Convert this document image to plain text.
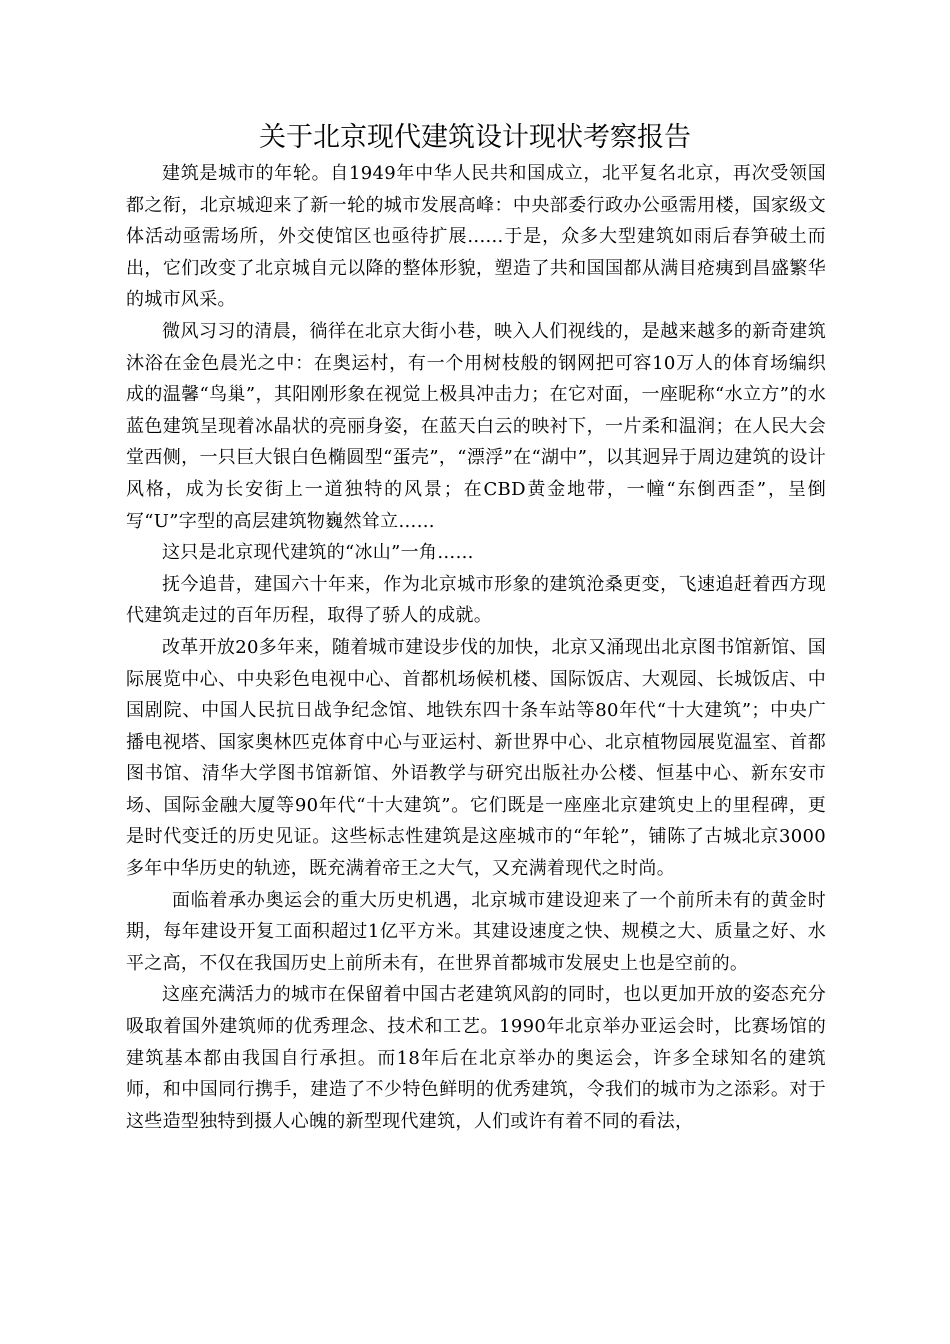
关于北京现代建筑设计现状考察报告

建筑是城市的年轮。自1949年中华人民共和国成立，北平复名北京，再次受领国都之衔，北京城迎来了新一轮的城市发展高峰：中央部委行政办公亟需用楼，国家级文体活动亟需场所，外交使馆区也亟待扩展......于是，众多大型建筑如雨后春笋破土而出，它们改变了北京城自元以降的整体形貌，塑造了共和国国都从满目疮痍到昌盛繁华的城市风采。

微风习习的清晨，徜徉在北京大街小巷，映入人们视线的，是越来越多的新奇建筑沐浴在金色晨光之中：在奥运村，有一个用树枝般的钢网把可容10万人的体育场编织成的温馨“鸟巢”，其阳刚形象在视觉上极具冲击力；在它对面，一座昵称“水立方”的水蓝色建筑呈现着冰晶状的亮丽身姿，在蓝天白云的映衬下，一片柔和温润；在人民大会堂西侧，一只巨大银白色椭圆型“蛋壳”，“漂浮”在“湖中”，以其迥异于周边建筑的设计风格，成为长安街上一道独特的风景；在CBD黄金地带，一幢“东倒西歪”，呈倒写“U”字型的高层建筑物巍然耸立……

这只是北京现代建筑的“冰山”一角……

抚今追昔，建国六十年来，作为北京城市形象的建筑沧桑更变，飞速追赶着西方现代建筑走过的百年历程，取得了骄人的成就。

改革开放20多年来，随着城市建设步伐的加快，北京又涌现出北京图书馆新馆、国际展览中心、中央彩色电视中心、首都机场候机楼、国际饭店、大观园、长城饭店、中国剧院、中国人民抗日战争纪念馆、地铁东四十条车站等80年代“十大建筑”；中央广播电视塔、国家奥林匹克体育中心与亚运村、新世界中心、北京植物园展览温室、首都图书馆、清华大学图书馆新馆、外语教学与研究出版社办公楼、恒基中心、新东安市场、国际金融大厦等90年代“十大建筑”。它们既是一座座北京建筑史上的里程碑，更是时代变迁的历史见证。这些标志性建筑是这座城市的“年轮”，铺陈了古城北京3000多年中华历史的轨迹，既充满着帝王之大气，又充满着现代之时尚。

面临着承办奥运会的重大历史机遇，北京城市建设迎来了一个前所未有的黄金时期，每年建设开复工面积超过1亿平方米。其建设速度之快、规模之大、质量之好、水平之高，不仅在我国历史上前所未有，在世界首都城市发展史上也是空前的。

这座充满活力的城市在保留着中国古老建筑风韵的同时，也以更加开放的姿态充分吸取着国外建筑师的优秀理念、技术和工艺。1990年北京举办亚运会时，比赛场馆的建筑基本都由我国自行承担。而18年后在北京举办的奥运会，许多全球知名的建筑师，和中国同行携手，建造了不少特色鲜明的优秀建筑，令我们的城市为之添彩。对于这些造型独特到摄人心魄的新型现代建筑，人们或许有着不同的看法，
